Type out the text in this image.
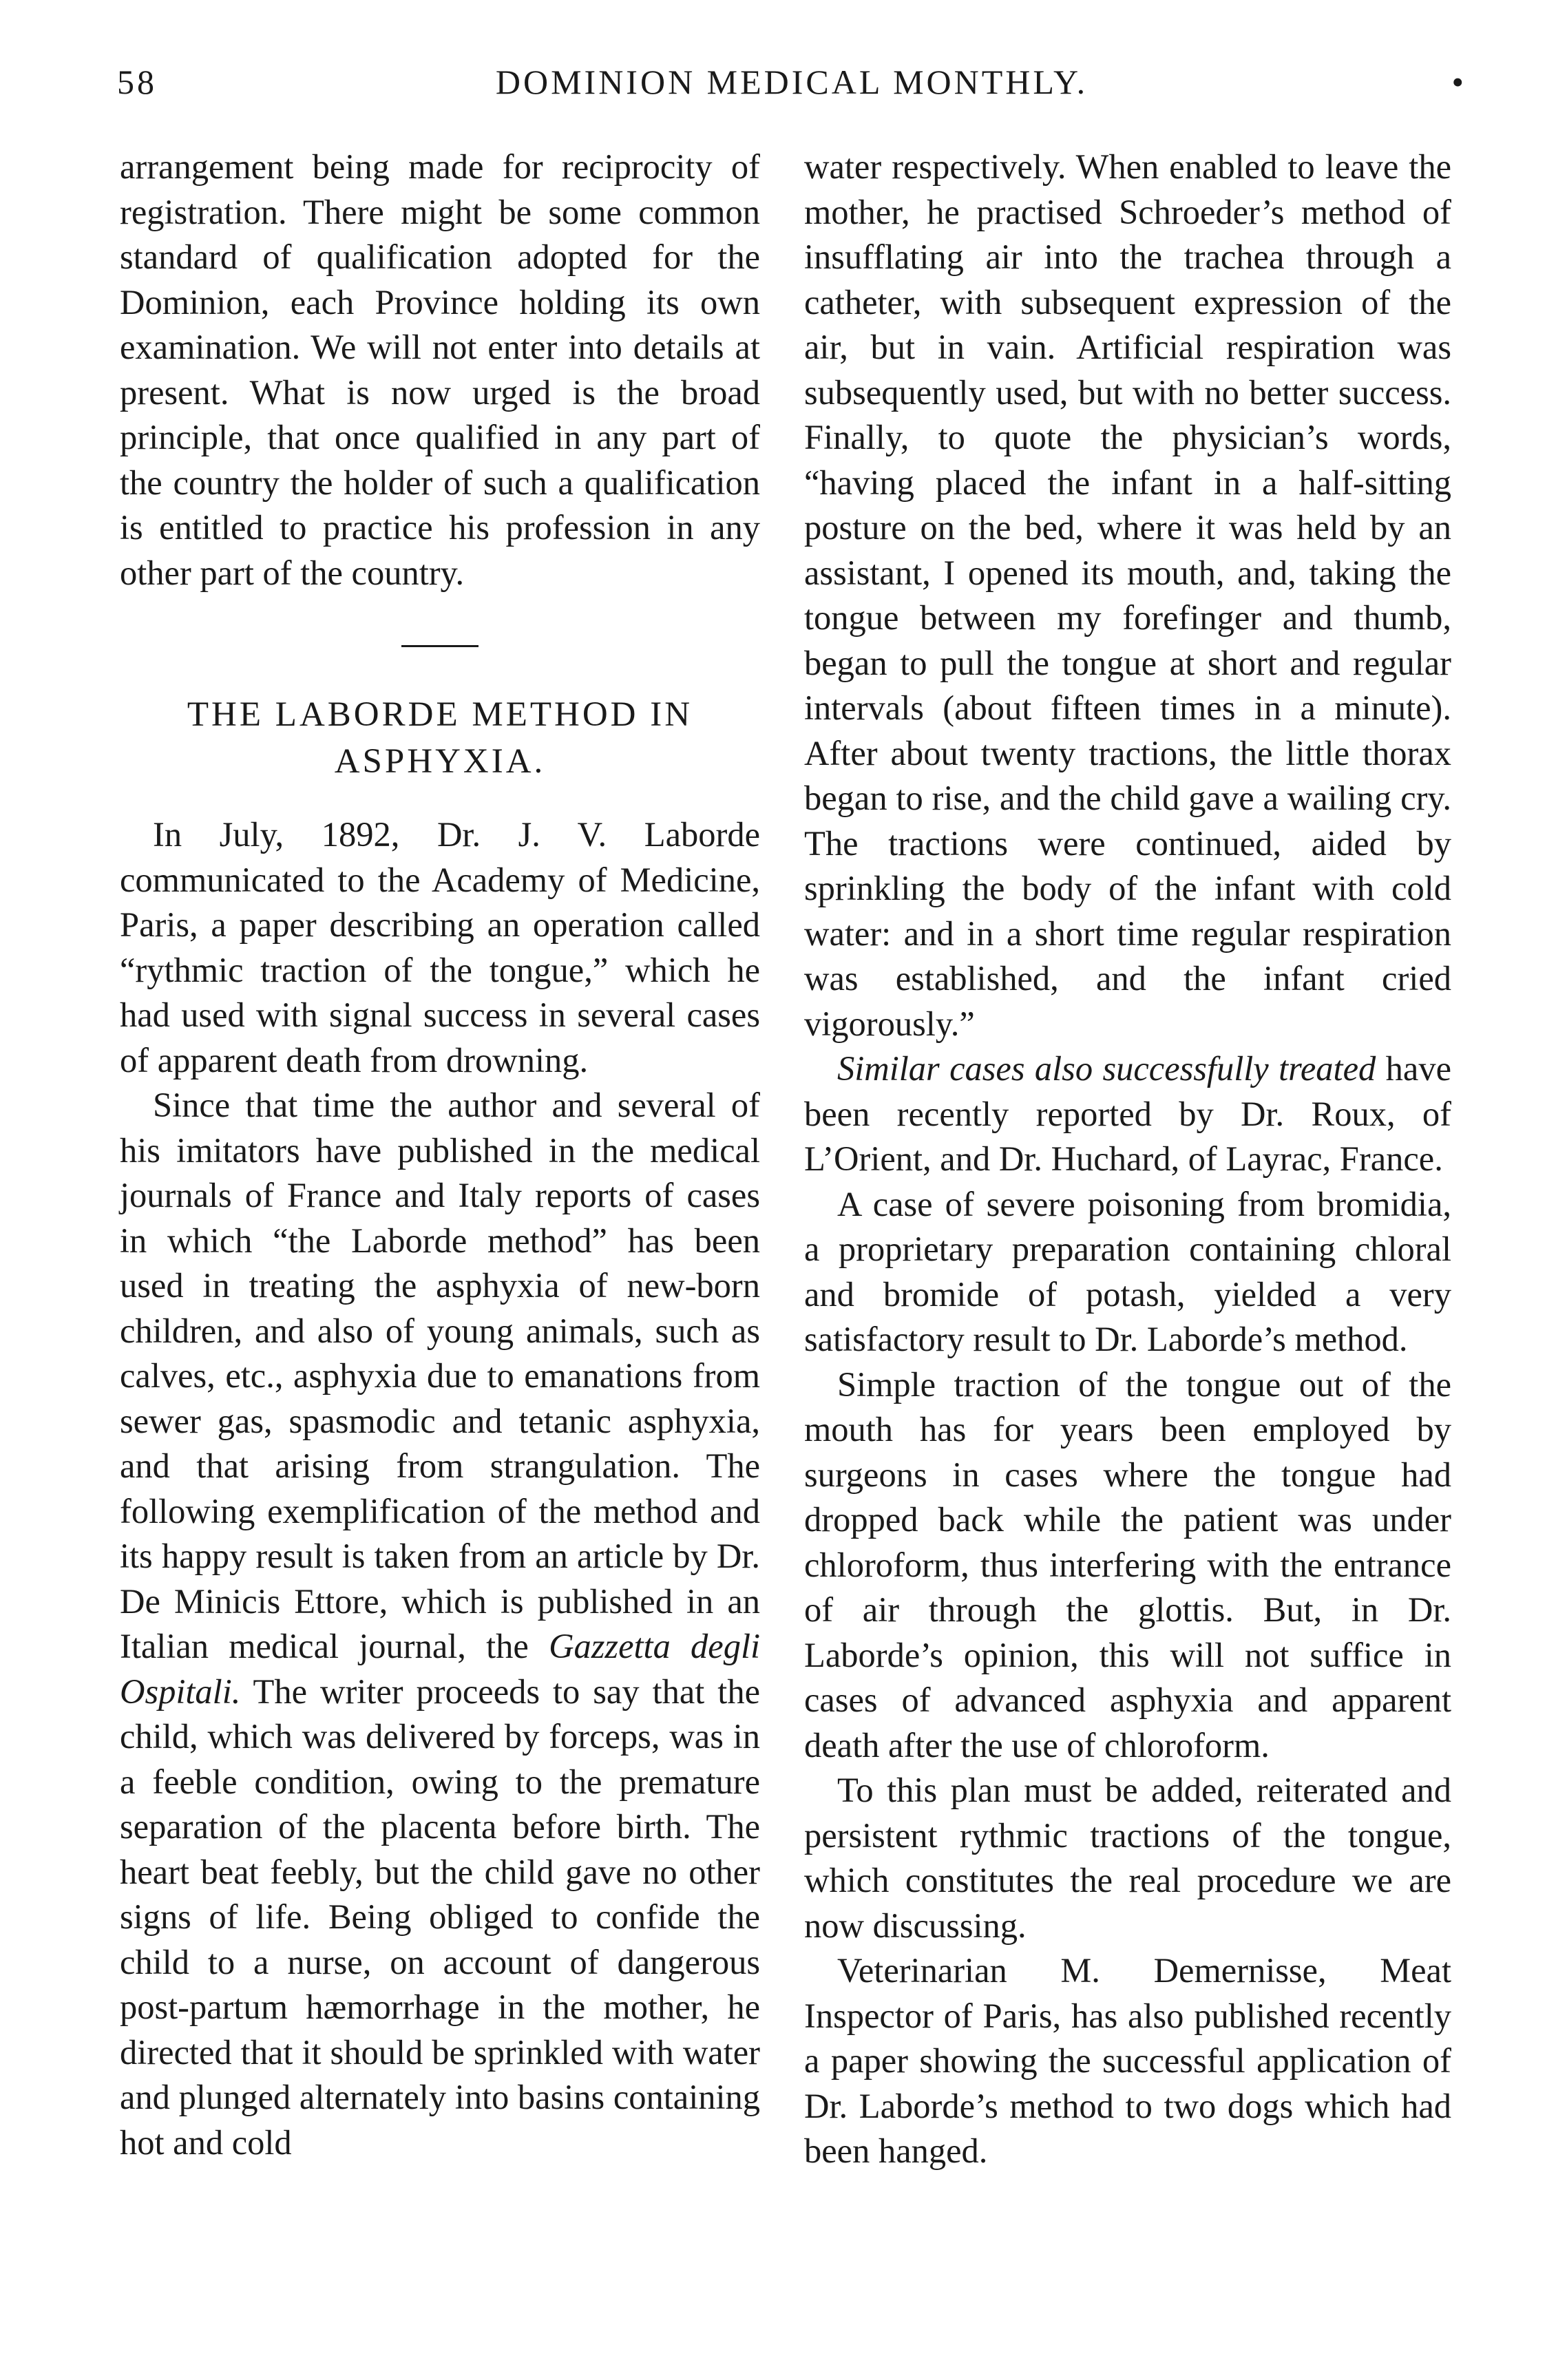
58	DOMINION MEDICAL MONTHLY.	•

arrangement being made for reciprocity of registration. There might be some common standard of qualification adopted for the Dominion, each Province holding its own examination. We will not enter into details at present. What is now urged is the broad principle, that once qualified in any part of the country the holder of such a qualification is entitled to practice his profession in any other part of the country.

THE LABORDE METHOD IN
ASPHYXIA.

In July, 1892, Dr. J. V. Laborde communicated to the Academy of Medicine, Paris, a paper describing an operation called “rythmic traction of the tongue,” which he had used with signal success in several cases of apparent death from drowning.

Since that time the author and several of his imitators have published in the medical journals of France and Italy reports of cases in which “the Laborde method” has been used in treating the asphyxia of new-born children, and also of young animals, such as calves, etc., asphyxia due to emanations from sewer gas, spasmodic and tetanic asphyxia, and that arising from strangulation. The following exemplification of the method and its happy result is taken from an article by Dr. De Minicis Ettore, which is published in an Italian medical journal, the Gazzetta degli Ospitali. The writer proceeds to say that the child, which was delivered by forceps, was in a feeble condition, owing to the premature separation of the placenta before birth. The heart beat feebly, but the child gave no other signs of life. Being obliged to confide the child to a nurse, on account of dangerous post-partum hæmorrhage in the mother, he directed that it should be sprinkled with water and plunged alternately into basins containing hot and cold

water respectively. When enabled to leave the mother, he practised Schroeder’s method of insufflating air into the trachea through a catheter, with subsequent expression of the air, but in vain. Artificial respiration was subsequently used, but with no better success. Finally, to quote the physician’s words, “having placed the infant in a half-sitting posture on the bed, where it was held by an assistant, I opened its mouth, and, taking the tongue between my forefinger and thumb, began to pull the tongue at short and regular intervals (about fifteen times in a minute). After about twenty tractions, the little thorax began to rise, and the child gave a wailing cry. The tractions were continued, aided by sprinkling the body of the infant with cold water: and in a short time regular respiration was established, and the infant cried vigorously.”

Similar cases also successfully treated have been recently reported by Dr. Roux, of L’Orient, and Dr. Huchard, of Layrac, France.

A case of severe poisoning from bromidia, a proprietary preparation containing chloral and bromide of potash, yielded a very satisfactory result to Dr. Laborde’s method.

Simple traction of the tongue out of the mouth has for years been employed by surgeons in cases where the tongue had dropped back while the patient was under chloroform, thus interfering with the entrance of air through the glottis. But, in Dr. Laborde’s opinion, this will not suffice in cases of advanced asphyxia and apparent death after the use of chloroform.

To this plan must be added, reiterated and persistent rythmic tractions of the tongue, which constitutes the real procedure we are now discussing.

Veterinarian M. Demernisse, Meat Inspector of Paris, has also published recently a paper showing the successful application of Dr. Laborde’s method to two dogs which had been hanged.
